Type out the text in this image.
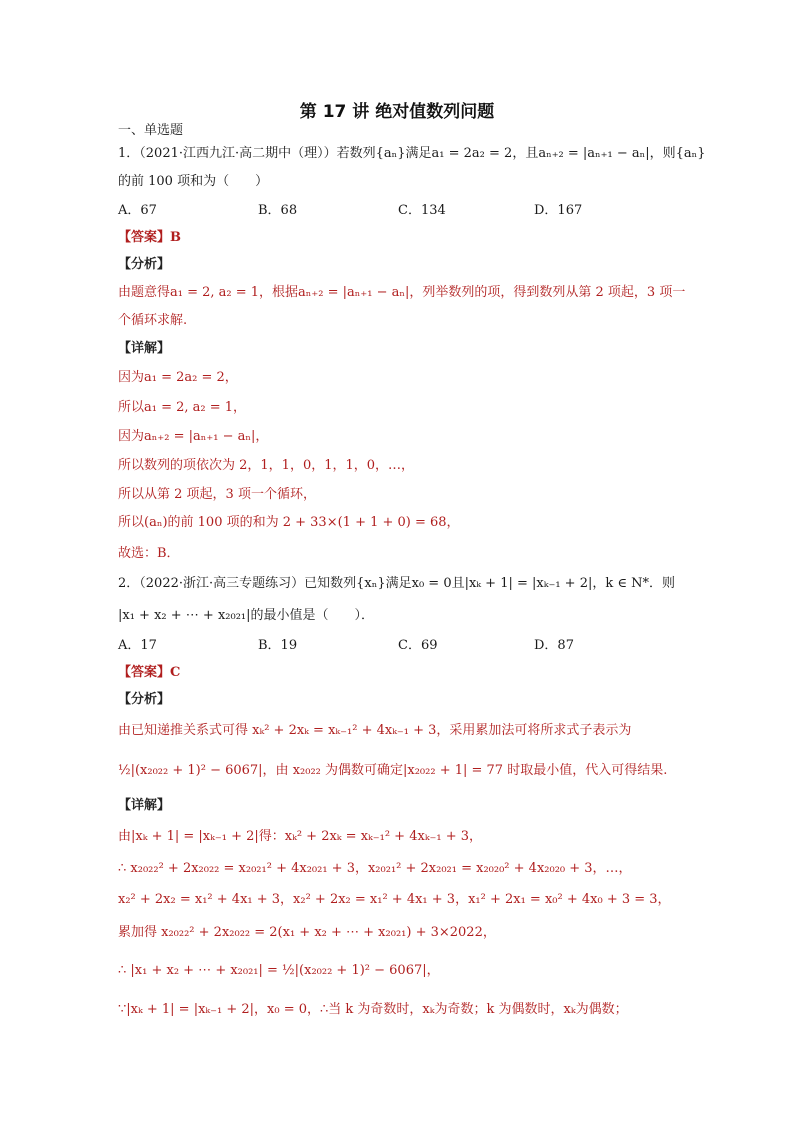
第 17 讲 绝对值数列问题
一、单选题
1．（2021·江西九江·高二期中（理））若数列{aₙ}满足a₁ = 2a₂ = 2，且aₙ₊₂ = |aₙ₊₁ − aₙ|，则{aₙ}
的前 100 项和为（　　）
A．67	B．68	C．134	D．167
【答案】B
【分析】
由题意得a₁ = 2, a₂ = 1，根据aₙ₊₂ = |aₙ₊₁ − aₙ|，列举数列的项，得到数列从第 2 项起，3 项一
个循环求解.
【详解】
因为a₁ = 2a₂ = 2，
所以a₁ = 2, a₂ = 1，
因为aₙ₊₂ = |aₙ₊₁ − aₙ|，
所以数列的项依次为 2，1，1，0，1，1，0，…，
所以从第 2 项起，3 项一个循环，
所以(aₙ)的前 100 项的和为 2 + 33×(1 + 1 + 0) = 68，
故选：B．
2．（2022·浙江·高三专题练习）已知数列{xₙ}满足x₀ = 0且|xₖ + 1| = |xₖ₋₁ + 2|，k ∈ N*．则
|x₁ + x₂ + ⋯ + x₂₀₂₁|的最小值是（　　）．
A．17	B．19	C．69	D．87
【答案】C
【分析】
由已知递推关系式可得 xₖ² + 2xₖ = xₖ₋₁² + 4xₖ₋₁ + 3，采用累加法可将所求式子表示为
½|(x₂₀₂₂ + 1)² − 6067|，由 x₂₀₂₂ 为偶数可确定|x₂₀₂₂ + 1| = 77 时取最小值，代入可得结果.
【详解】
由|xₖ + 1| = |xₖ₋₁ + 2|得：xₖ² + 2xₖ = xₖ₋₁² + 4xₖ₋₁ + 3，
∴ x₂₀₂₂² + 2x₂₀₂₂ = x₂₀₂₁² + 4x₂₀₂₁ + 3，x₂₀₂₁² + 2x₂₀₂₁ = x₂₀₂₀² + 4x₂₀₂₀ + 3，…，
x₂² + 2x₂ = x₁² + 4x₁ + 3，x₂² + 2x₂ = x₁² + 4x₁ + 3，x₁² + 2x₁ = x₀² + 4x₀ + 3 = 3，
累加得 x₂₀₂₂² + 2x₂₀₂₂ = 2(x₁ + x₂ + ⋯ + x₂₀₂₁) + 3×2022，
∴ |x₁ + x₂ + ⋯ + x₂₀₂₁| = ½|(x₂₀₂₂ + 1)² − 6067|，
∵|xₖ + 1| = |xₖ₋₁ + 2|，x₀ = 0，∴当 k 为奇数时，xₖ为奇数；k 为偶数时，xₖ为偶数；
